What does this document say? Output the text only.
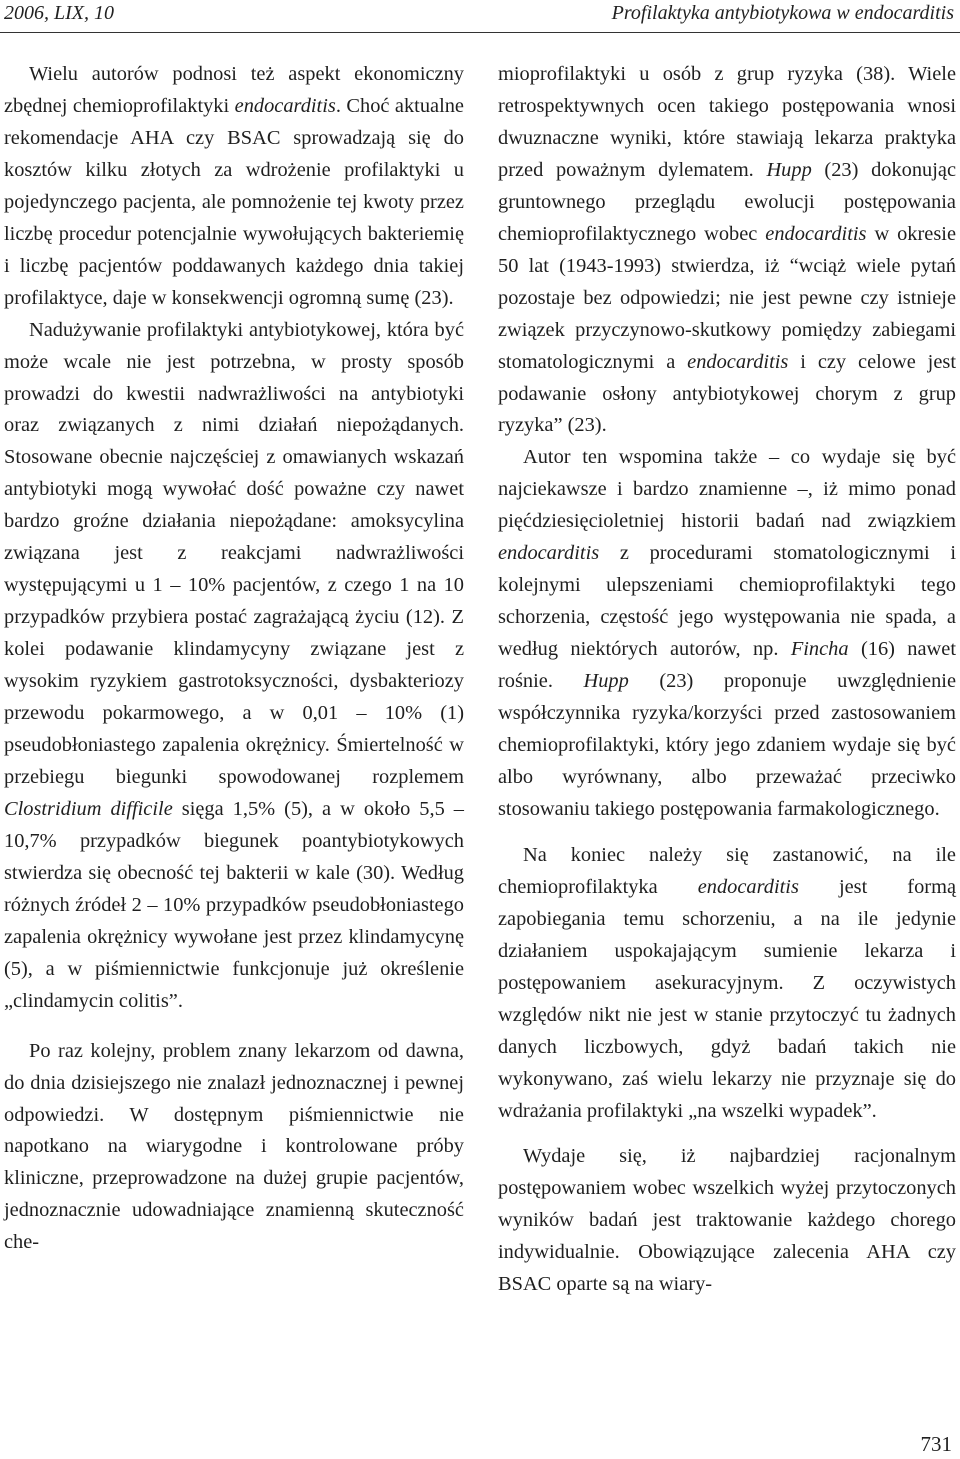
2006, LIX, 10	Profilaktyka antybiotykowa w endocarditis

Wielu autorów podnosi też aspekt ekonomiczny zbędnej chemioprofilaktyki endocarditis. Choć aktualne rekomendacje AHA czy BSAC sprowadzają się do kosztów kilku złotych za wdrożenie profilaktyki u pojedynczego pacjenta, ale pomnożenie tej kwoty przez liczbę procedur potencjalnie wywołujących bakteriemię i liczbę pacjentów poddawanych każdego dnia takiej profilaktyce, daje w konsekwencji ogromną sumę (23).

Nadużywanie profilaktyki antybiotykowej, która być może wcale nie jest potrzebna, w prosty sposób prowadzi do kwestii nadwrażliwości na antybiotyki oraz związanych z nimi działań niepożądanych. Stosowane obecnie najczęściej z omawianych wskazań antybiotyki mogą wywołać dość poważne czy nawet bardzo groźne działania niepożądane: amoksycylina związana jest z reakcjami nadwrażliwości występującymi u 1 – 10% pacjentów, z czego 1 na 10 przypadków przybiera postać zagrażającą życiu (12). Z kolei podawanie klindamycyny związane jest z wysokim ryzykiem gastrotoksyczności, dysbakteriozy przewodu pokarmowego, a w 0,01 – 10% (1) pseudobłoniastego zapalenia okrężnicy. Śmiertelność w przebiegu biegunki spowodowanej rozplemem Clostridium difficile sięga 1,5% (5), a w około 5,5 – 10,7% przypadków biegunek poantybiotykowych stwierdza się obecność tej bakterii w kale (30). Według różnych źródeł 2 – 10% przypadków pseudobłoniastego zapalenia okrężnicy wywołane jest przez klindamycynę (5), a w piśmiennictwie funkcjonuje już określenie „clindamycin colitis”.

Po raz kolejny, problem znany lekarzom od dawna, do dnia dzisiejszego nie znalazł jednoznacznej i pewnej odpowiedzi. W dostępnym piśmiennictwie nie napotkano na wiarygodne i kontrolowane próby kliniczne, przeprowadzone na dużej grupie pacjentów, jednoznacznie udowadniające znamienną skuteczność che-

mioprofilaktyki u osób z grup ryzyka (38). Wiele retrospektywnych ocen takiego postępowania wnosi dwuznaczne wyniki, które stawiają lekarza praktyka przed poważnym dylematem. Hupp (23) dokonując gruntownego przeglądu ewolucji postępowania chemioprofilaktycznego wobec endocarditis w okresie 50 lat (1943-1993) stwierdza, iż “wciąż wiele pytań pozostaje bez odpowiedzi; nie jest pewne czy istnieje związek przyczynowo-skutkowy pomiędzy zabiegami stomatologicznymi a endocarditis i czy celowe jest podawanie osłony antybiotykowej chorym z grup ryzyka” (23).

Autor ten wspomina także – co wydaje się być najciekawsze i bardzo znamienne –, iż mimo ponad pięćdziesięcioletniej historii badań nad związkiem endocarditis z procedurami stomatologicznymi i kolejnymi ulepszeniami chemioprofilaktyki tego schorzenia, częstość jego występowania nie spada, a według niektórych autorów, np. Fincha (16) nawet rośnie. Hupp (23) proponuje uwzględnienie współczynnika ryzyka/korzyści przed zastosowaniem chemioprofilaktyki, który jego zdaniem wydaje się być albo wyrównany, albo przeważać przeciwko stosowaniu takiego postępowania farmakologicznego.

Na koniec należy się zastanowić, na ile chemioprofilaktyka endocarditis jest formą zapobiegania temu schorzeniu, a na ile jedynie działaniem uspokajającym sumienie lekarza i postępowaniem asekuracyjnym. Z oczywistych względów nikt nie jest w stanie przytoczyć tu żadnych danych liczbowych, gdyż badań takich nie wykonywano, zaś wielu lekarzy nie przyznaje się do wdrażania profilaktyki „na wszelki wypadek”.

Wydaje się, iż najbardziej racjonalnym postępowaniem wobec wszelkich wyżej przytoczonych wyników badań jest traktowanie każdego chorego indywidualnie. Obowiązujące zalecenia AHA czy BSAC oparte są na wiary-

731
